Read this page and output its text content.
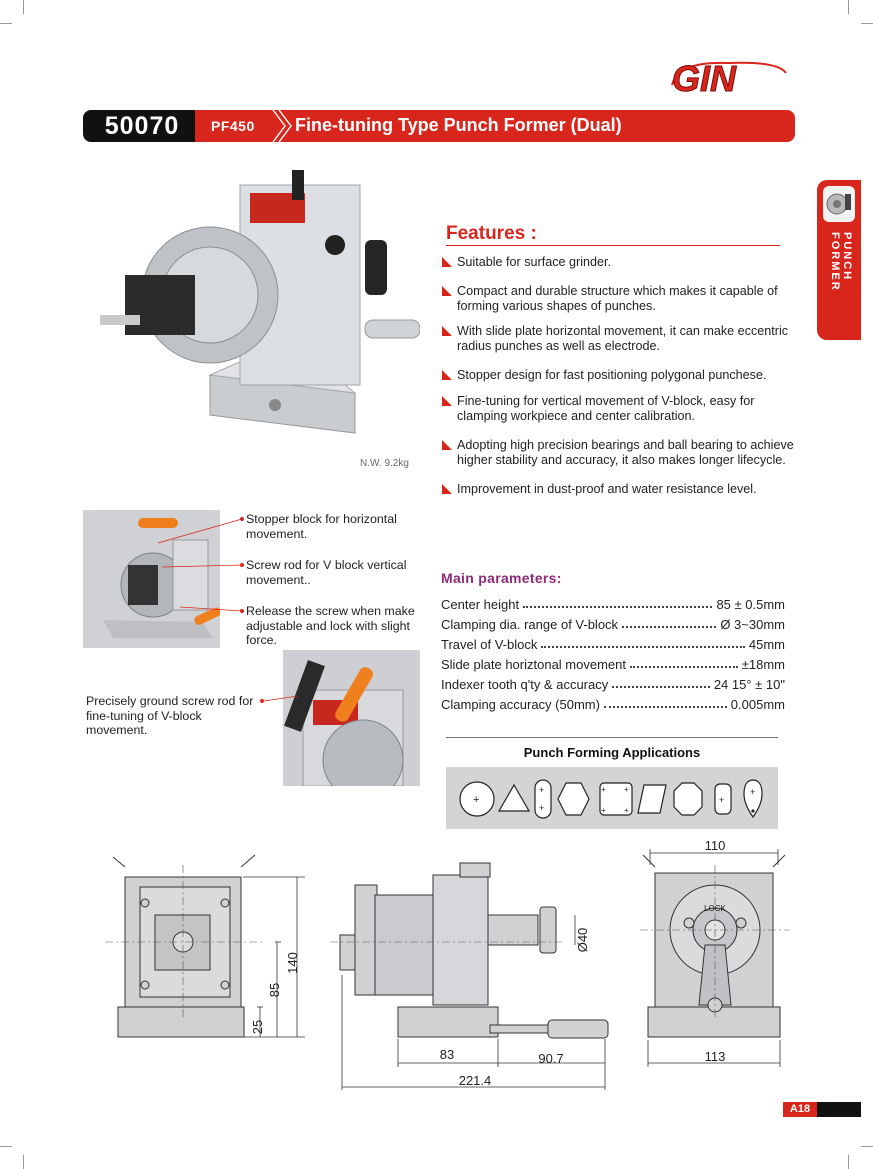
GIN
50070	PF450 Fine-tuning Type Punch Former (Dual)
PUNCH FORMER
N.W. 9.2kg
Features :
Suitable for surface grinder.
Compact and durable structure which makes it capable of forming various shapes of punches.
With slide plate horizontal movement, it can make eccentric radius punches as well as electrode.
Stopper design for fast positioning polygonal punchese.
Fine-tuning for vertical movement of V-block, easy for clamping workpiece and center calibration.
Adopting high precision bearings and ball bearing to achieve higher stability and accuracy, it also makes longer lifecycle.
Improvement in dust-proof and water resistance level.
Stopper block for horizontal movement.
Screw rod for V block vertical movement..
Release the screw when make adjustable and lock with slight force.
Precisely ground screw rod for fine-tuning of V-block movement.
Main parameters:
Center height	85 ± 0.5mm
Clamping dia. range of V-block	Ø 3~30mm
Travel of V-block	45mm
Slide plate horiztonal movement	±18mm
Indexer tooth q'ty & accuracy	24 15° ± 10"
Clamping accuracy (50mm)	0.005mm
Punch Forming Applications
+
+
+
+ +
+ +
+
+
140
85
25
Ø40
83	90.7
221.4
110
113
LOCK
A18
